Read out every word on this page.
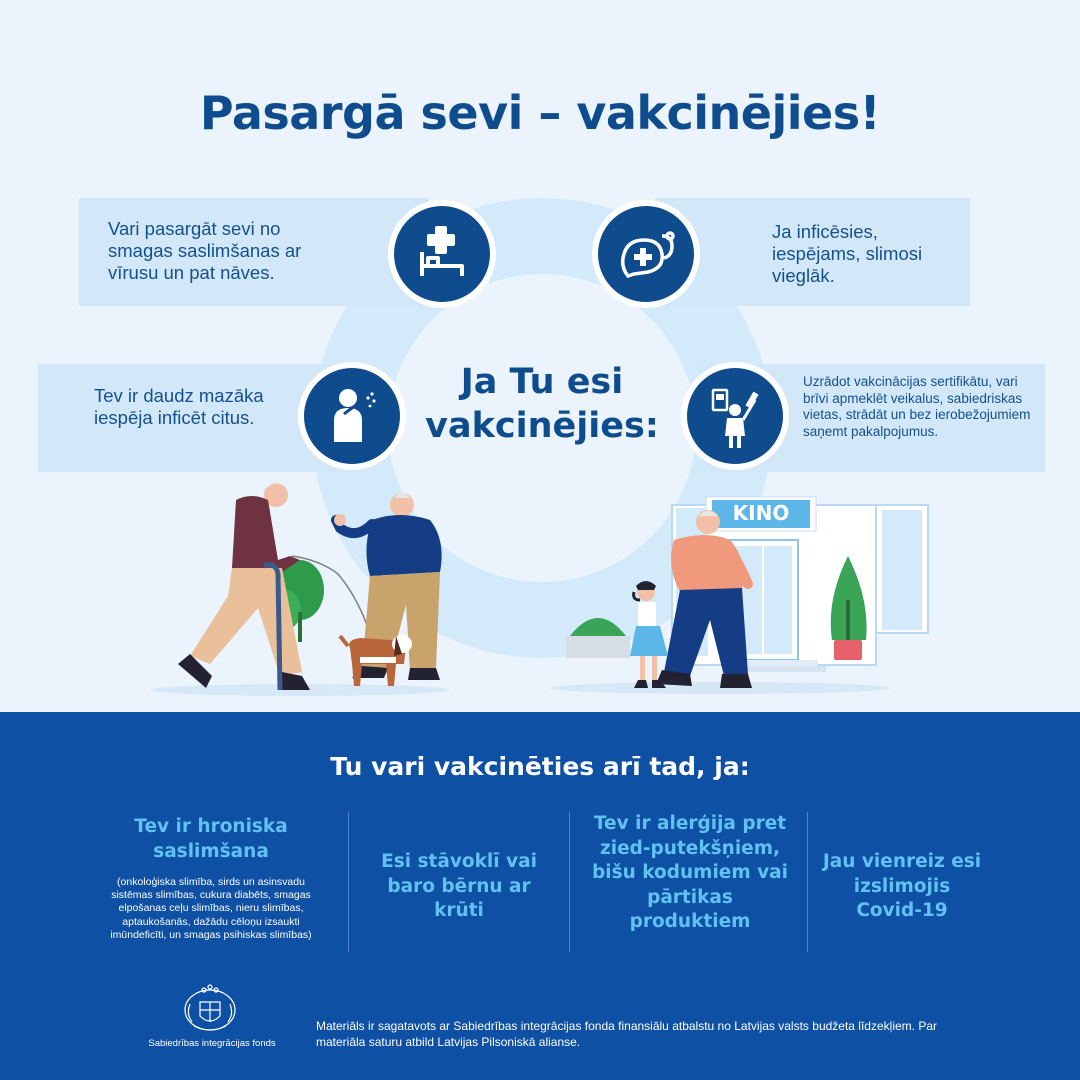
Pasargā sevi – vakcinējies!
Vari pasargāt sevi no smagas saslimšanas ar vīrusu un pat nāves.
Ja inficēsies, iespējams, slimosi vieglāk.
Tev ir daudz mazāka iespēja inficēt citus.
Uzrādot vakcinācijas sertifikātu, vari brīvi apmeklēt veikalus, sabiedriskas vietas, strādāt un bez ierobežojumiem saņemt pakalpojumus.
Ja Tu esi vakcinējies:
KINO
Tu vari vakcinēties arī tad, ja:

Tev ir hroniska saslimšana

(onkoloģiska slimība, sirds un asinsvadu sistēmas slimības, cukura diabēts, smagas elpošanas ceļu slimības, nieru slimības, aptaukošanās, dažādu cēloņu izsaukti imūndeficīti, un smagas psihiskas slimības)

Esi stāvoklī vai baro bērnu ar krūti

Tev ir alerģija pret zied-putekšņiem, bišu kodumiem vai pārtikas produktiem

Jau vienreiz esi izslimojis Covid-19

Sabiedrības integrācijas fonds
Materiāls ir sagatavots ar Sabiedrības integrācijas fonda finansiālu atbalstu no Latvijas valsts budžeta līdzekļiem. Par materiāla saturu atbild Latvijas Pilsoniskā alianse.
